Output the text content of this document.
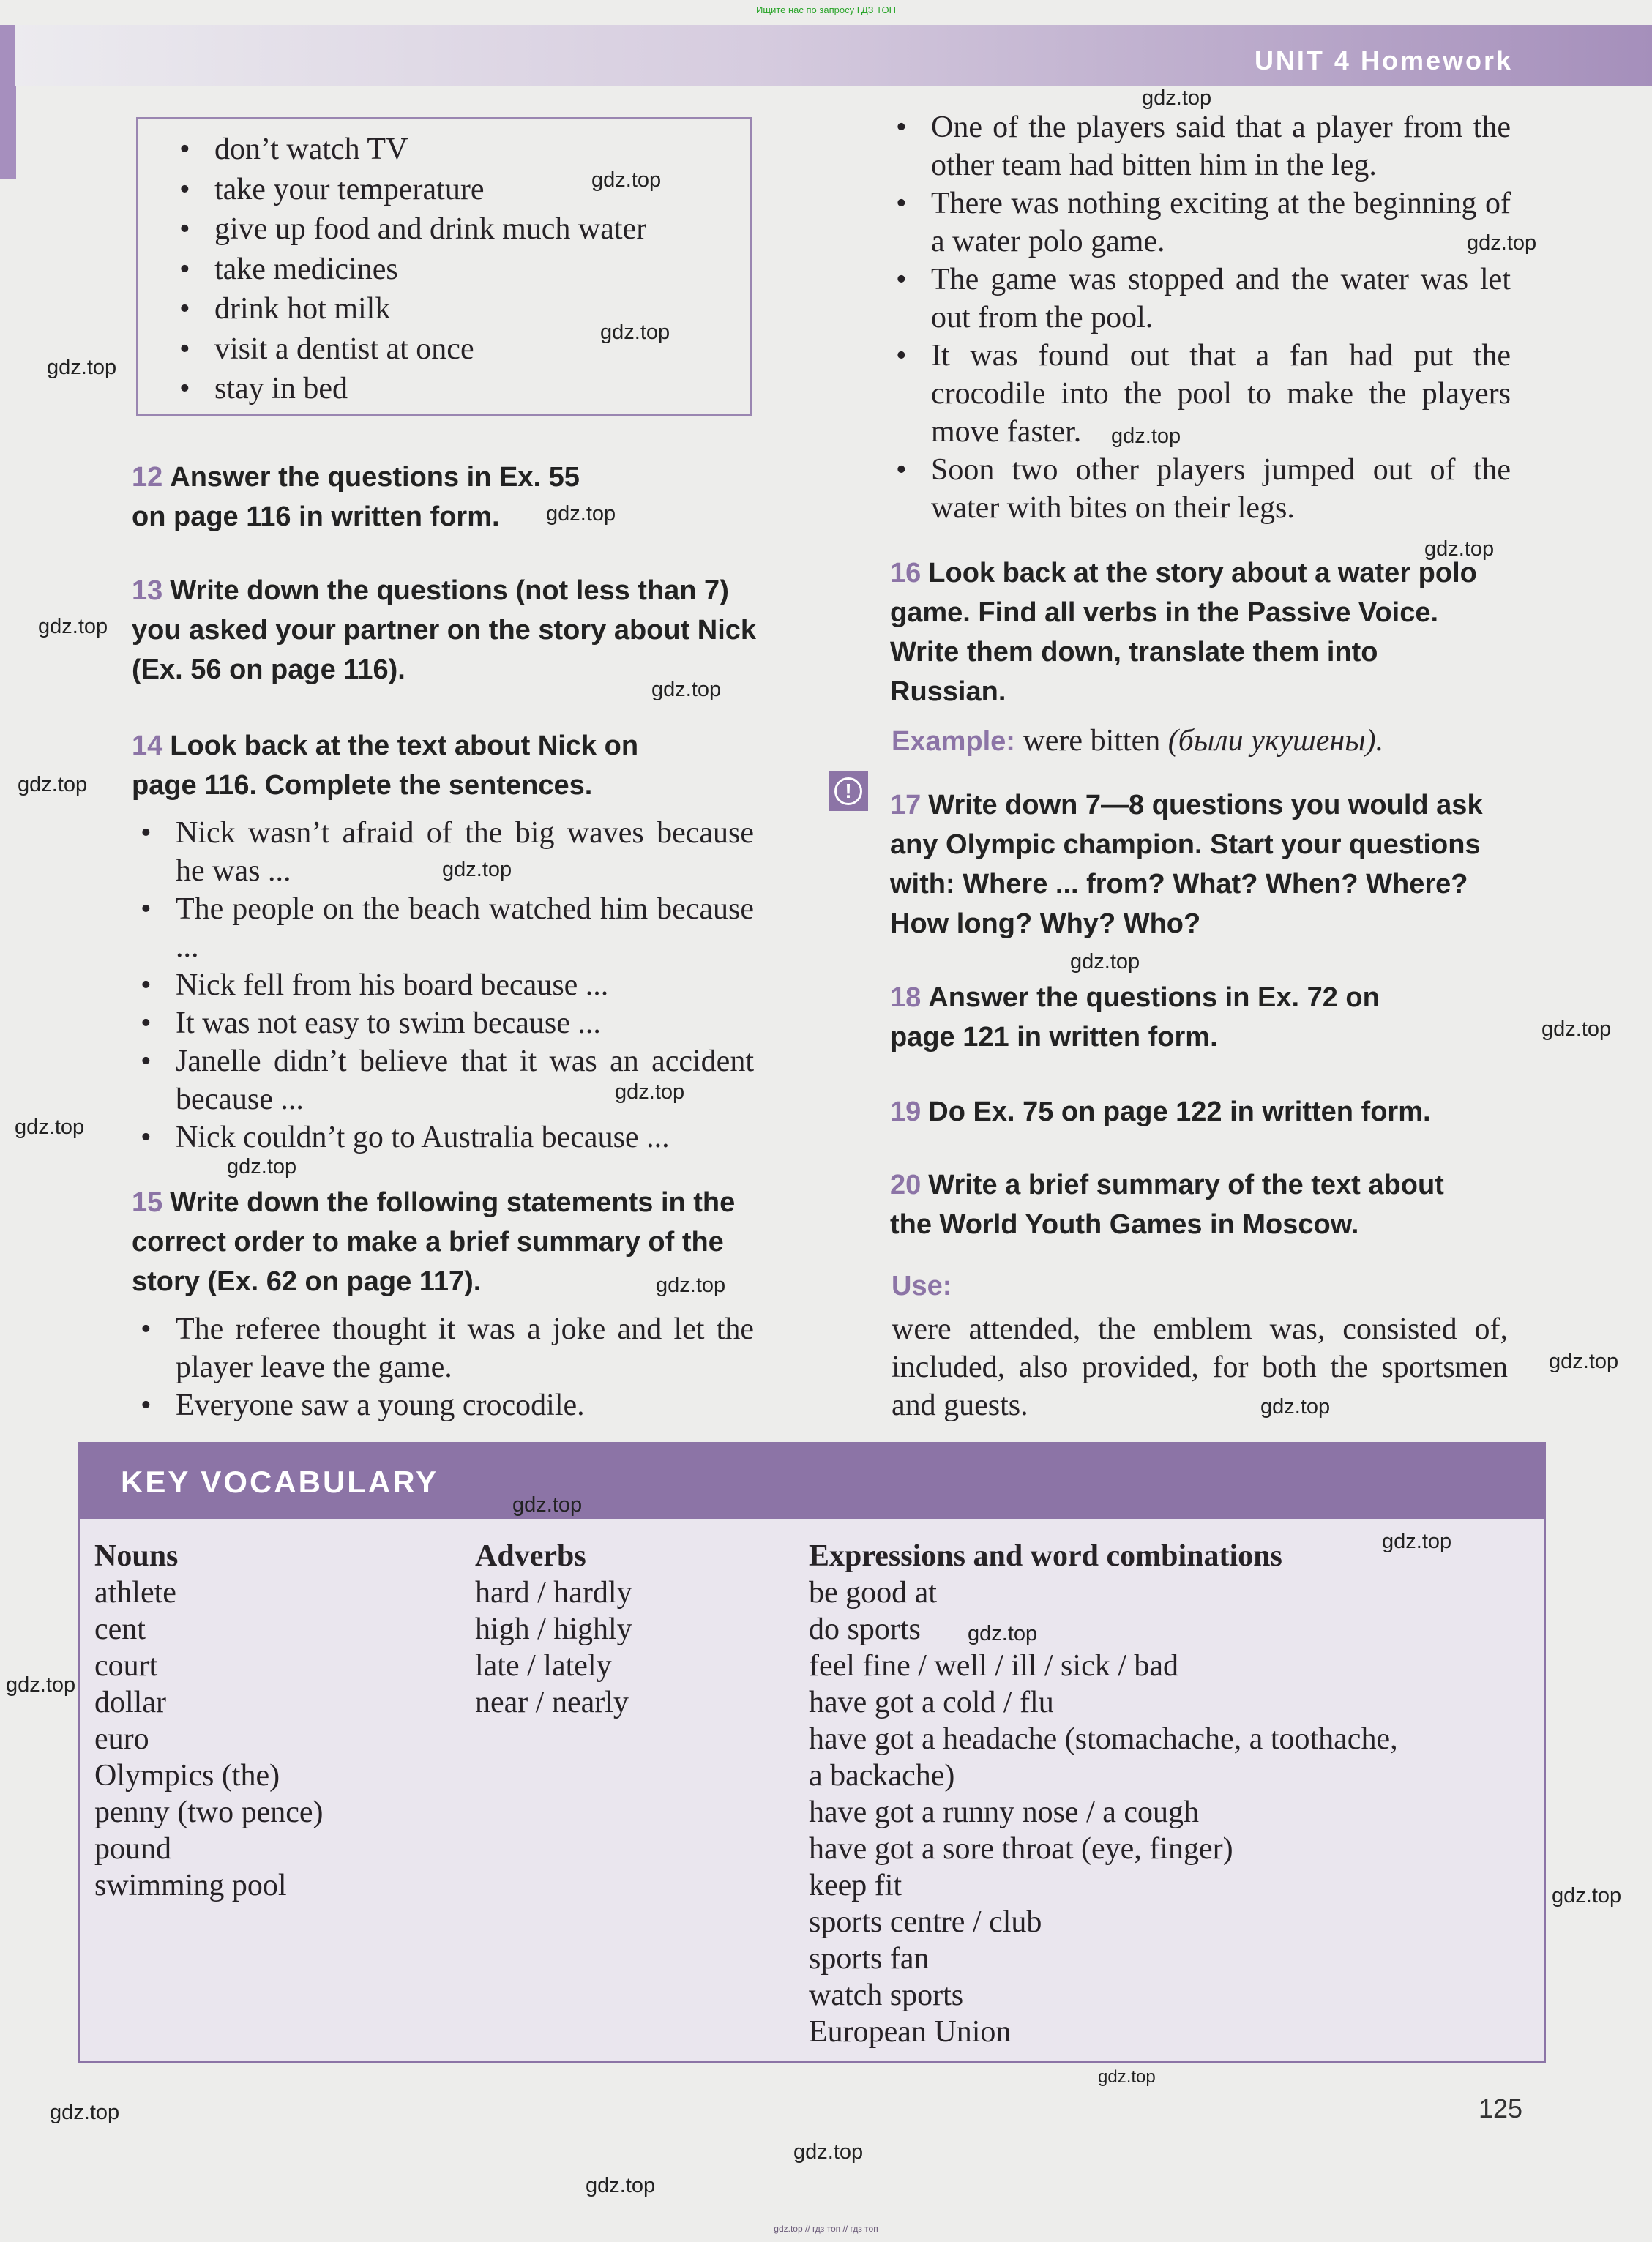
Ищите нас по запросу ГДЗ ТОП
UNIT 4 Homework
• don’t watch TV
• take your temperature
• give up food and drink much water
• take medicines
• drink hot milk
• visit a dentist at once
• stay in bed
12 Answer the questions in Ex. 55 on page 116 in written form.
13 Write down the questions (not less than 7) you asked your partner on the story about Nick (Ex. 56 on page 116).
14 Look back at the text about Nick on page 116. Complete the sentences.
• Nick wasn’t afraid of the big waves because he was ...
• The people on the beach watched him because ...
• Nick fell from his board because ...
• It was not easy to swim because ...
• Janelle didn’t believe that it was an accident because ...
• Nick couldn’t go to Australia because ...
15 Write down the following statements in the correct order to make a brief summary of the story (Ex. 62 on page 117).
• The referee thought it was a joke and let the player leave the game.
• Everyone saw a young crocodile.
• One of the players said that a player from the other team had bitten him in the leg.
• There was nothing exciting at the beginning of a water polo game.
• The game was stopped and the water was let out from the pool.
• It was found out that a fan had put the crocodile into the pool to make the players move faster.
• Soon two other players jumped out of the water with bites on their legs.
16 Look back at the story about a water polo game. Find all verbs in the Passive Voice. Write them down, translate them into Russian.
Example: were bitten (были укушены).
!	17 Write down 7—8 questions you would ask any Olympic champion. Start your questions with: Where ... from? What? When? Where? How long? Why? Who?
18 Answer the questions in Ex. 72 on page 121 in written form.
19 Do Ex. 75 on page 122 in written form.
20 Write a brief summary of the text about the World Youth Games in Moscow.
Use:
were attended, the emblem was, consisted of, included, also provided, for both the sportsmen and guests.
KEY VOCABULARY
Nouns
athlete
cent
court
dollar
euro
Olympics (the)
penny (two pence)
pound
swimming pool
Adverbs
hard / hardly
high / highly
late / lately
near / nearly
Expressions and word combinations
be good at
do sports
feel fine / well / ill / sick / bad
have got a cold / flu
have got a headache (stomachache, a toothache,
a backache)
have got a runny nose / a cough
have got a sore throat (eye, finger)
keep fit
sports centre / club
sports fan
watch sports
European Union
125
gdz.top
gdz.top
gdz.top
gdz.top
gdz.top
gdz.top
gdz.top
gdz.top
gdz.top
gdz.top
gdz.top
gdz.top
gdz.top
gdz.top
gdz.top
gdz.top
gdz.top
gdz.top
gdz.top
gdz.top
gdz.top
gdz.top
gdz.top
gdz.top
gdz.top
gdz.top
gdz.top
gdz.top
gdz.top
gdz.top // гдз топ // гдз топ
